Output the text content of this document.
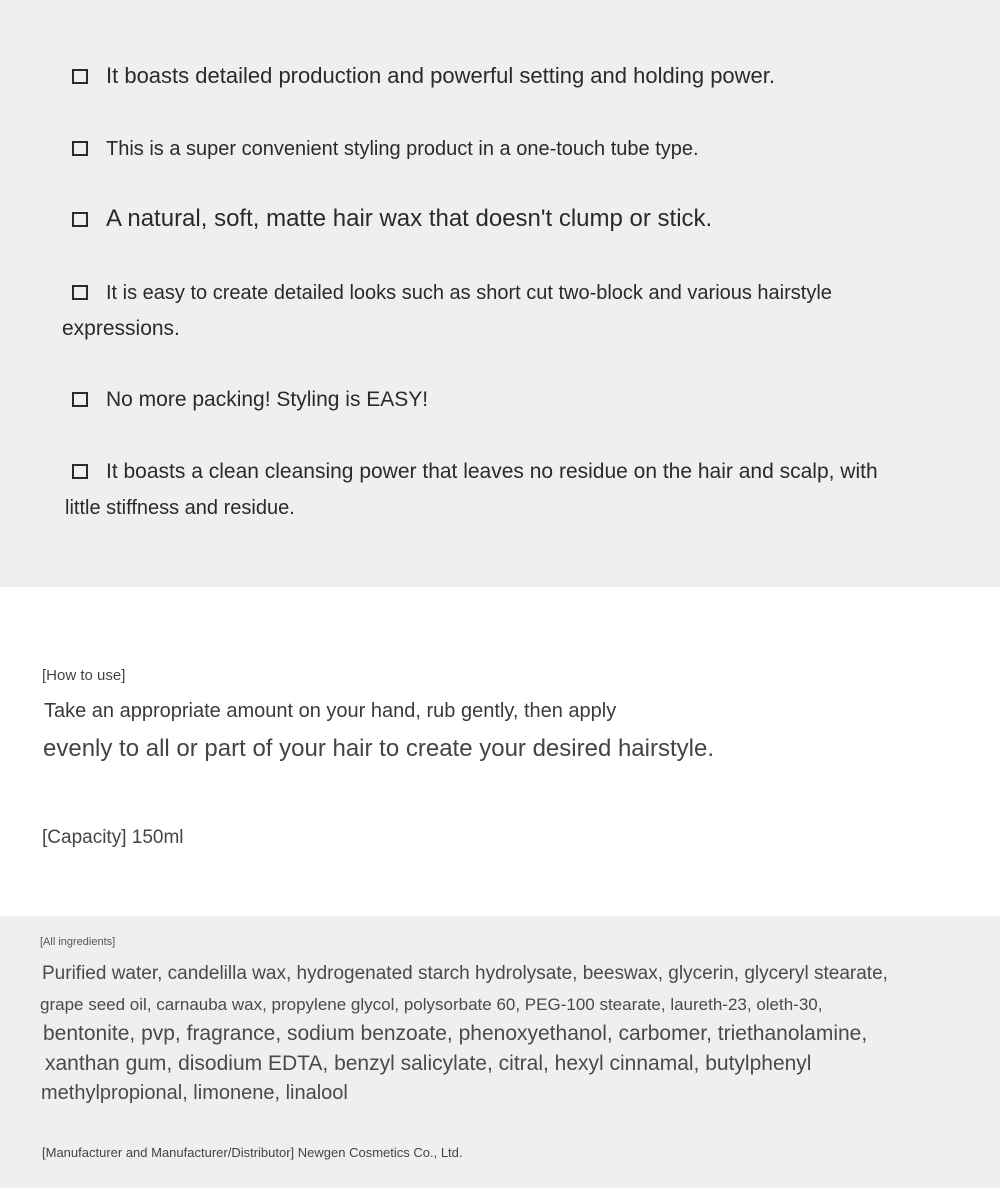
It boasts detailed production and powerful setting and holding power.
This is a super convenient styling product in a one-touch tube type.
A natural, soft, matte hair wax that doesn't clump or stick.
It is easy to create detailed looks such as short cut two-block and various hairstyle
expressions.
No more packing! Styling is EASY!
It boasts a clean cleansing power that leaves no residue on the hair and scalp, with
little stiffness and residue.
[How to use]
Take an appropriate amount on your hand, rub gently, then apply
evenly to all or part of your hair to create your desired hairstyle.
[Capacity] 150ml
[All ingredients]
Purified water, candelilla wax, hydrogenated starch hydrolysate, beeswax, glycerin, glyceryl stearate,
grape seed oil, carnauba wax, propylene glycol, polysorbate 60, PEG-100 stearate, laureth-23, oleth-30,
bentonite, pvp, fragrance, sodium benzoate, phenoxyethanol, carbomer, triethanolamine,
xanthan gum, disodium EDTA, benzyl salicylate, citral, hexyl cinnamal, butylphenyl
methylpropional, limonene, linalool
[Manufacturer and Manufacturer/Distributor] Newgen Cosmetics Co., Ltd.
